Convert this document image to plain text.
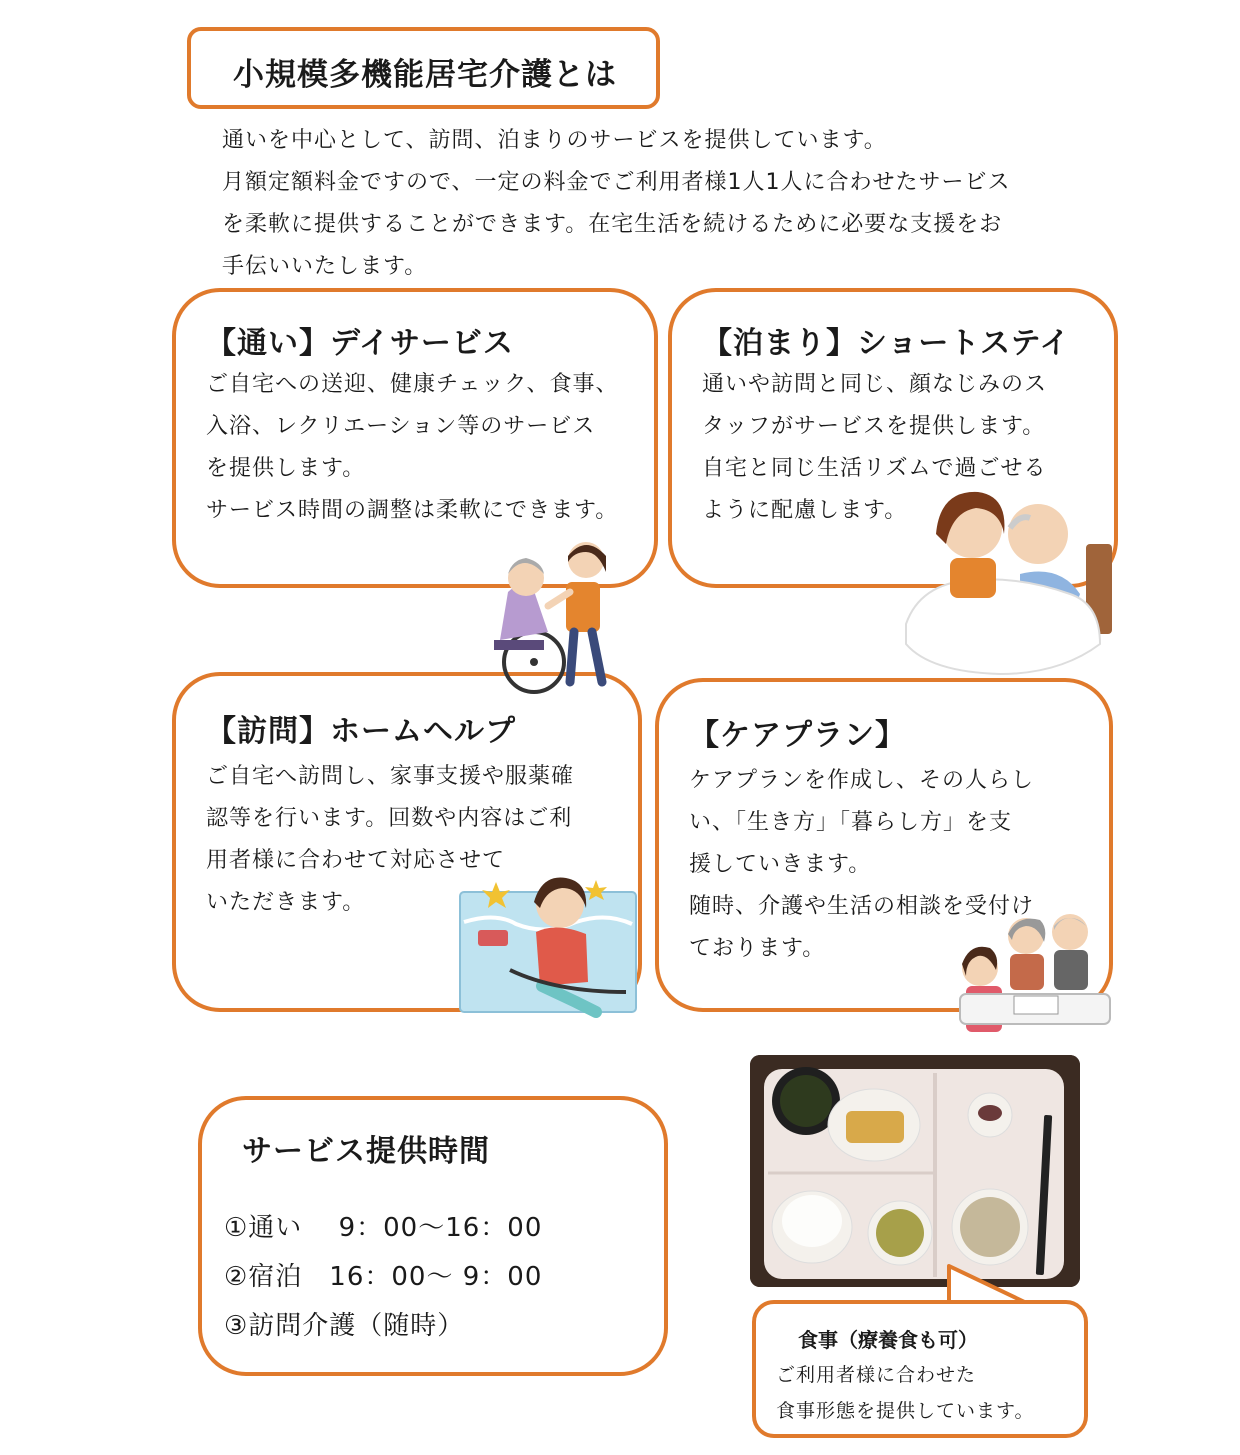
小規模多機能居宅介護とは

通いを中心として、訪問、泊まりのサービスを提供しています。

月額定額料金ですので、一定の料金でご利用者様1人1人に合わせたサービス

を柔軟に提供することができます。在宅生活を続けるために必要な支援をお

手伝いいたします。

【通い】デイサービス

ご自宅への送迎、健康チェック、食事、

入浴、レクリエーション等のサービス

を提供します。

サービス時間の調整は柔軟にできます。

【泊まり】ショートステイ

通いや訪問と同じ、顔なじみのス

タッフがサービスを提供します。

自宅と同じ生活リズムで過ごせる

ように配慮します。

【訪問】ホームヘルプ

ご自宅へ訪問し、家事支援や服薬確

認等を行います。回数や内容はご利

用者様に合わせて対応させて

いただきます。

【ケアプラン】

ケアプランを作成し、その人らし

い、「生き方」「暮らし方」を支

援していきます。

随時、介護や生活の相談を受付け

ております。

食事（療養食も可）
ご利用者様に合わせた
食事形態を提供しています。
サービス提供時間

①通い　 9：00～16：00

②宿泊　16：00～ 9：00

③訪問介護（随時）
